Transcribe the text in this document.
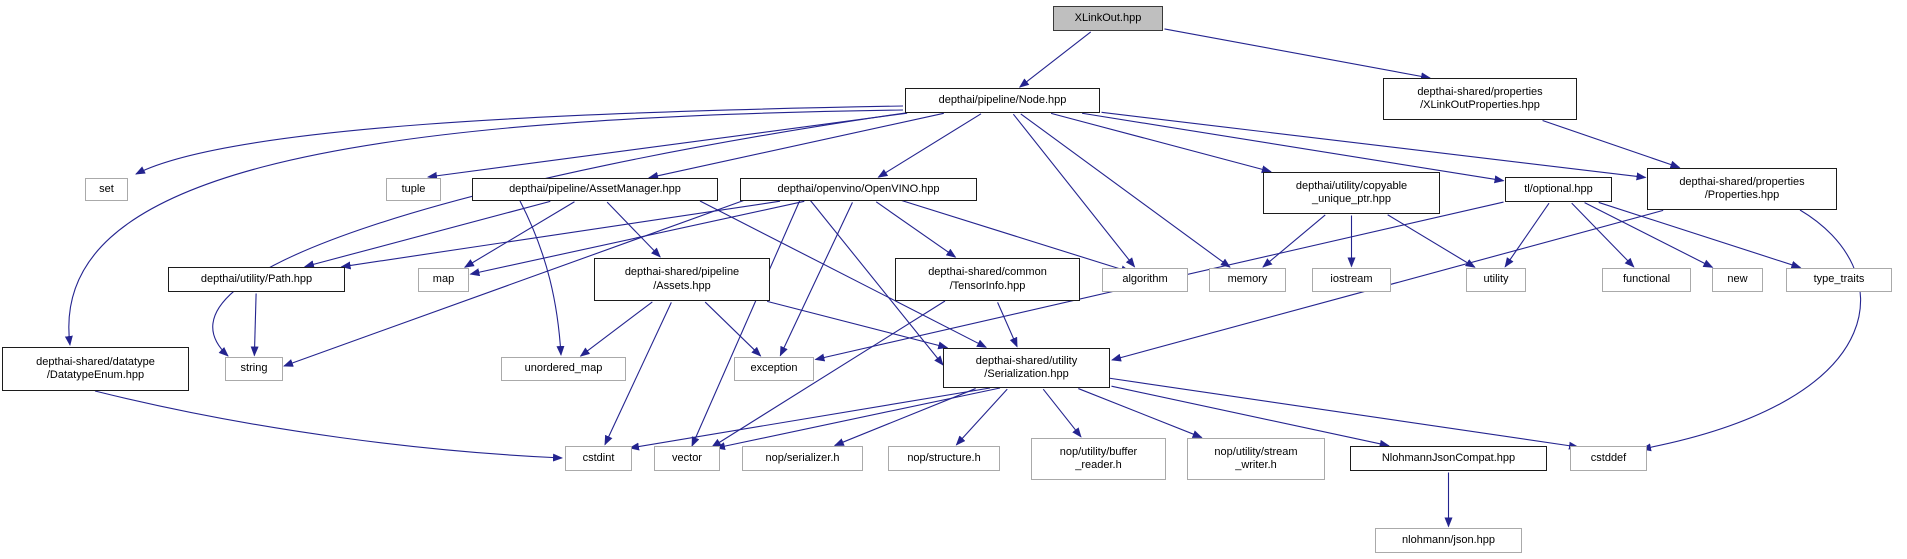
XLinkOut.hpp
depthai/pipeline/Node.hpp
depthai-shared/properties
/XLinkOutProperties.hpp
set	tuple	depthai/pipeline/AssetManager.hpp	depthai/openvino/OpenVINO.hpp	depthai/utility/copyable
_unique_ptr.hpp
tl/optional.hpp
depthai-shared/properties
/Properties.hpp
depthai/utility/Path.hpp	map
depthai-shared/pipeline
/Assets.hpp
depthai-shared/common
/TensorInfo.hpp
algorithm	memory	iostream	utility	functional	new	type_traits
depthai-shared/datatype
/DatatypeEnum.hpp
string	unordered_map	exception
depthai-shared/utility
/Serialization.hpp
cstdint	vector	nop/serializer.h	nop/structure.h
nop/utility/buffer
_reader.h
nop/utility/stream
_writer.h
NlohmannJsonCompat.hpp	cstddef
nlohmann/json.hpp
